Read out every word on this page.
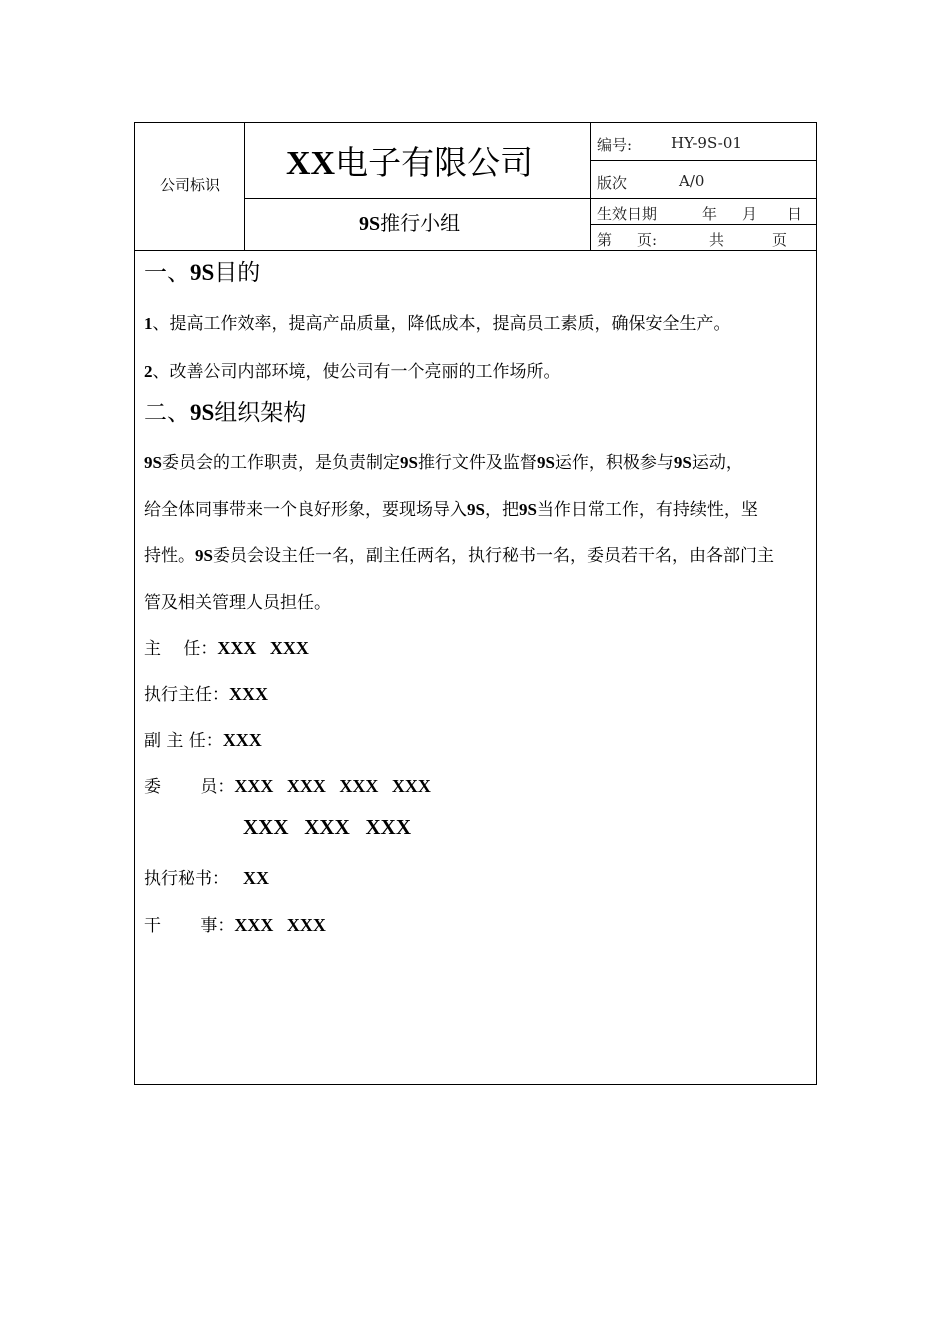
公司标识
XX电子有限公司
9S推行小组
编号:	HY-9S-01
版次	A/0
生效日期	年 月 日
第 页:	共	页
一、9S目的
1、提高工作效率，提高产品质量，降低成本，提高员工素质，确保安全生产。
2、改善公司内部环境，使公司有一个亮丽的工作场所。
二、9S组织架构
9S委员会的工作职责，是负责制定9S推行文件及监督9S运作，积极参与9S运动，
给全体同事带来一个良好形象，要现场导入9S，把9S当作日常工作，有持续性，坚
持性。9S委员会设主任一名，副主任两名，执行秘书一名，委员若干名，由各部门主
管及相关管理人员担任。
主　 任：XXX   XXX
执行主任：XXX
副 主 任：XXX
委　　 员：XXX   XXX   XXX   XXX
XXX   XXX   XXX
执行秘书： XX
干　　 事：XXX   XXX
